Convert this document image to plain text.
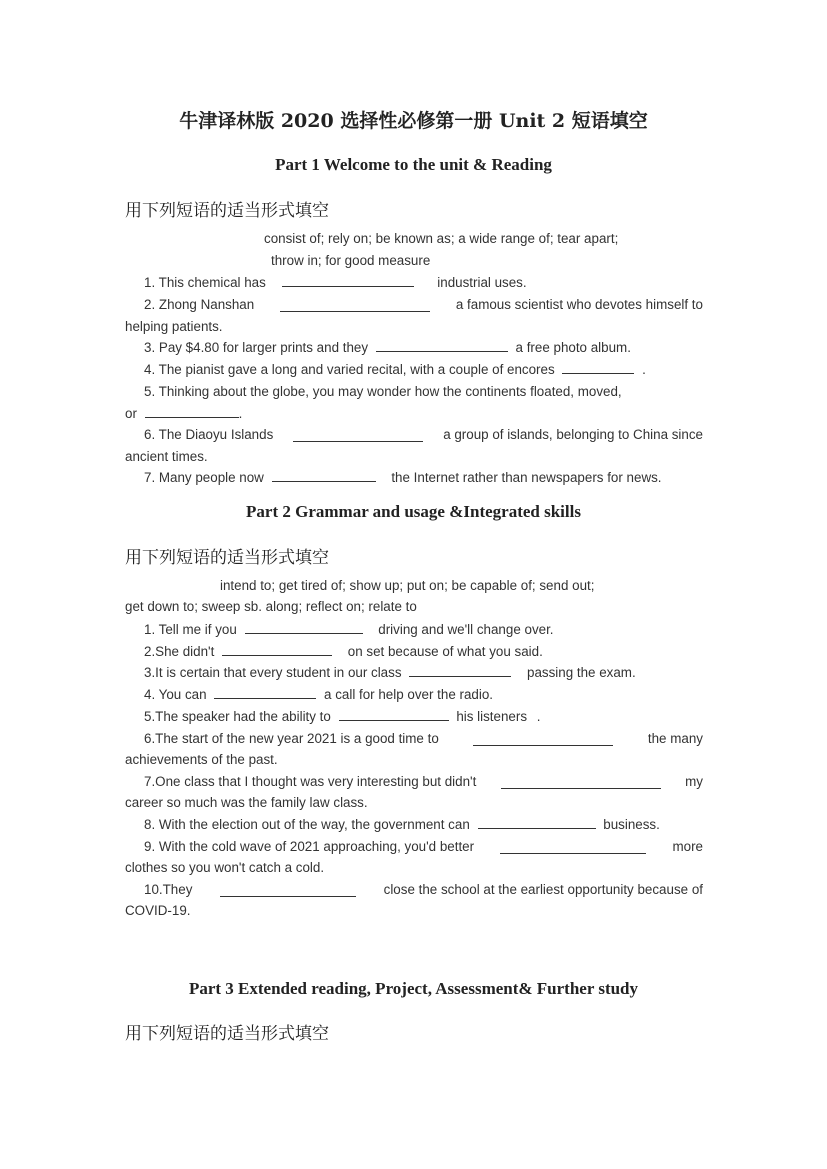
牛津译林版 2020 选择性必修第一册 Unit 2 短语填空
Part 1 Welcome to the unit & Reading
用下列短语的适当形式填空
consist of; rely on; be known as; a wide range of; tear apart;
throw in; for good measure
1. This chemical has	industrial uses.
2. Zhong Nanshan	a famous scientist who devotes himself to
helping patients.
3. Pay $4.80 for larger prints and they	a free photo album.
4. The pianist gave a long and varied recital, with a couple of encores	.
5. Thinking about the globe, you may wonder how the continents floated, moved,
or	.
6. The Diaoyu Islands	a group of islands, belonging to China since
ancient times.
7. Many people now	the Internet rather than newspapers for news.
Part 2 Grammar and usage &Integrated skills
用下列短语的适当形式填空
intend to; get tired of; show up; put on; be capable of; send out;
get down to; sweep sb. along; reflect on; relate to
1. Tell me if you	driving and we'll change over.
2.She didn't	on set because of what you said.
3.It is certain that every student in our class	passing the exam.
4. You can	a call for help over the radio.
5.The speaker had the ability to	his listeners .
6.The start of the new year 2021 is a good time to	the many
achievements of the past.
7.One class that I thought was very interesting but didn't	my
career so much was the family law class.
8. With the election out of the way, the government can	business.
9. With the cold wave of 2021 approaching, you'd better	more
clothes so you won't catch a cold.
10.They	close the school at the earliest opportunity because of
COVID-19.
Part 3 Extended reading, Project, Assessment& Further study
用下列短语的适当形式填空
